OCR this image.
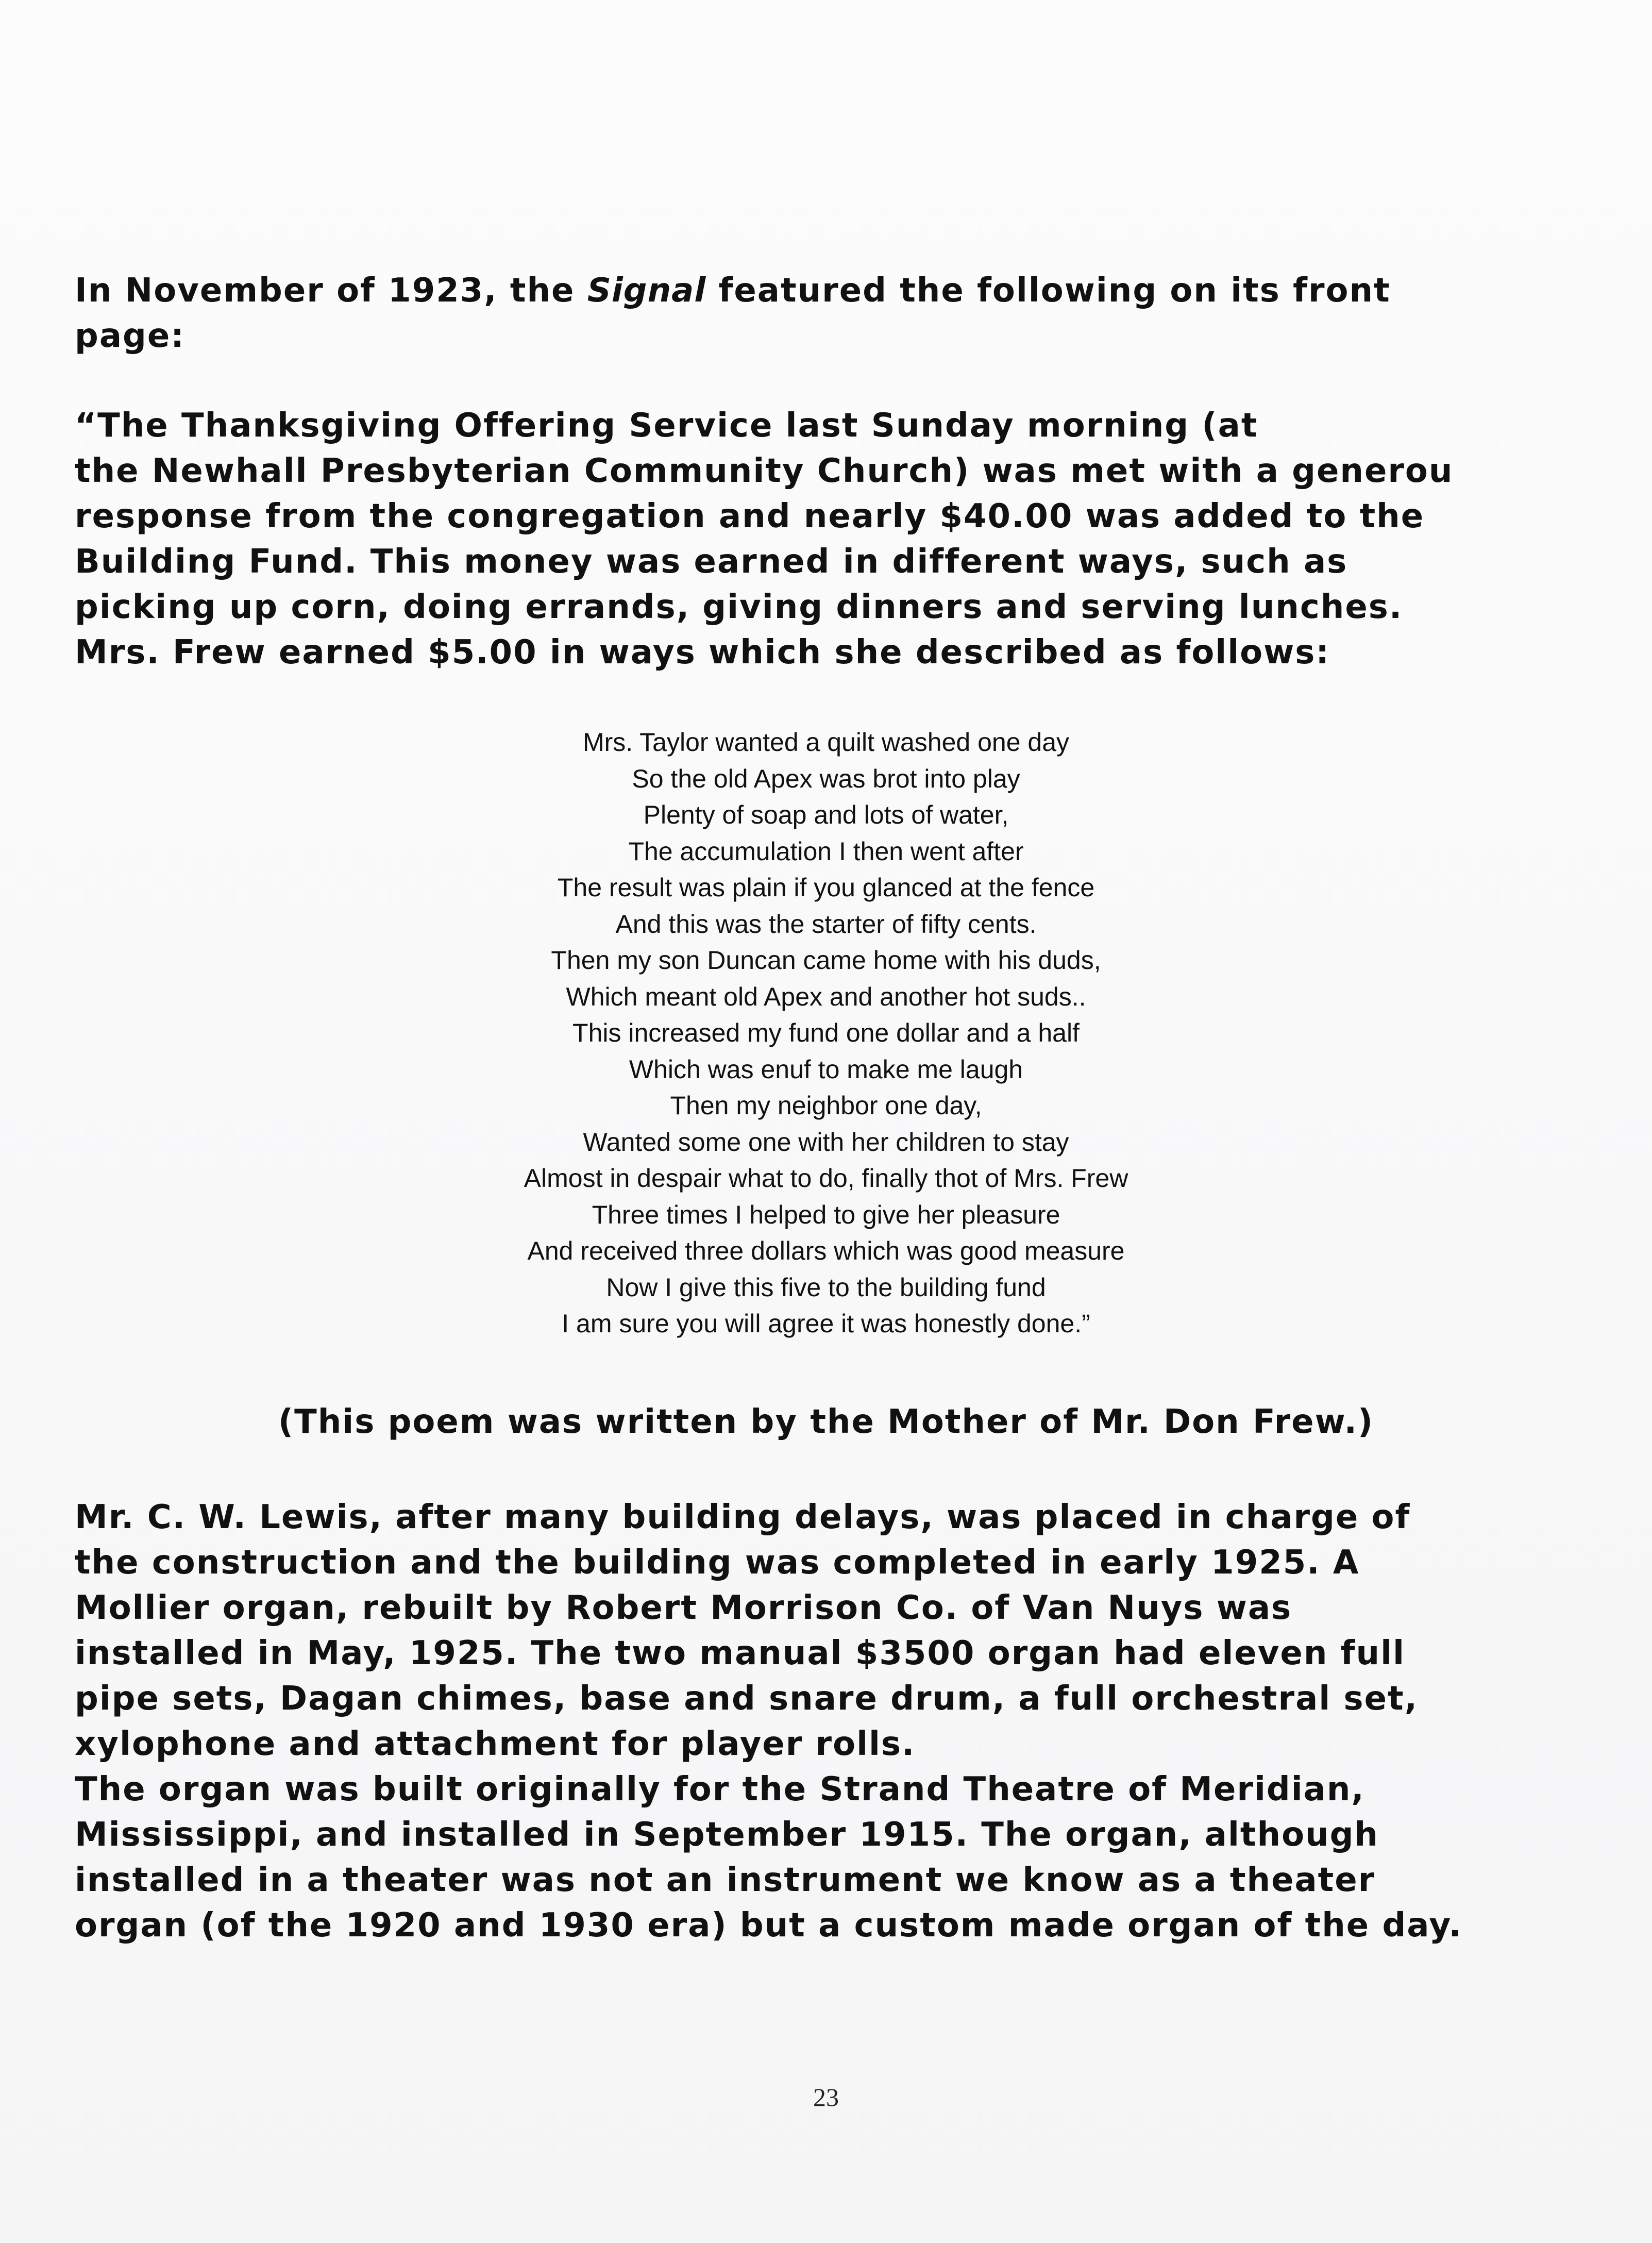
In November of 1923, the Signal featured the following on its front
page:

“The Thanksgiving Offering Service last Sunday morning (at
the Newhall Presbyterian Community Church) was met with a generou
response from the congregation and nearly $40.00 was added to the
Building Fund. This money was earned in different ways, such as
picking up corn, doing errands, giving dinners and serving lunches.
Mrs. Frew earned $5.00 in ways which she described as follows:
Mrs. Taylor wanted a quilt washed one day
So the old Apex was brot into play
Plenty of soap and lots of water,
The accumulation I then went after
The result was plain if you glanced at the fence
And this was the starter of fifty cents.
Then my son Duncan came home with his duds,
Which meant old Apex and another hot suds..
This increased my fund one dollar and a half
Which was enuf to make me laugh
Then my neighbor one day,
Wanted some one with her children to stay
Almost in despair what to do, finally thot of Mrs. Frew
Three times I helped to give her pleasure
And received three dollars which was good measure
Now I give this five to the building fund
I am sure you will agree it was honestly done.”

(This poem was written by the Mother of Mr. Don Frew.)

Mr. C. W. Lewis, after many building delays, was placed in charge of
the construction and the building was completed in early 1925. A
Mollier organ, rebuilt by Robert Morrison Co. of Van Nuys was
installed in May, 1925. The two manual $3500 organ had eleven full
pipe sets, Dagan chimes, base and snare drum, a full orchestral set,
xylophone and attachment for player rolls.
The organ was built originally for the Strand Theatre of Meridian,
Mississippi, and installed in September 1915. The organ, although
installed in a theater was not an instrument we know as a theater
organ (of the 1920 and 1930 era) but a custom made organ of the day.
23
